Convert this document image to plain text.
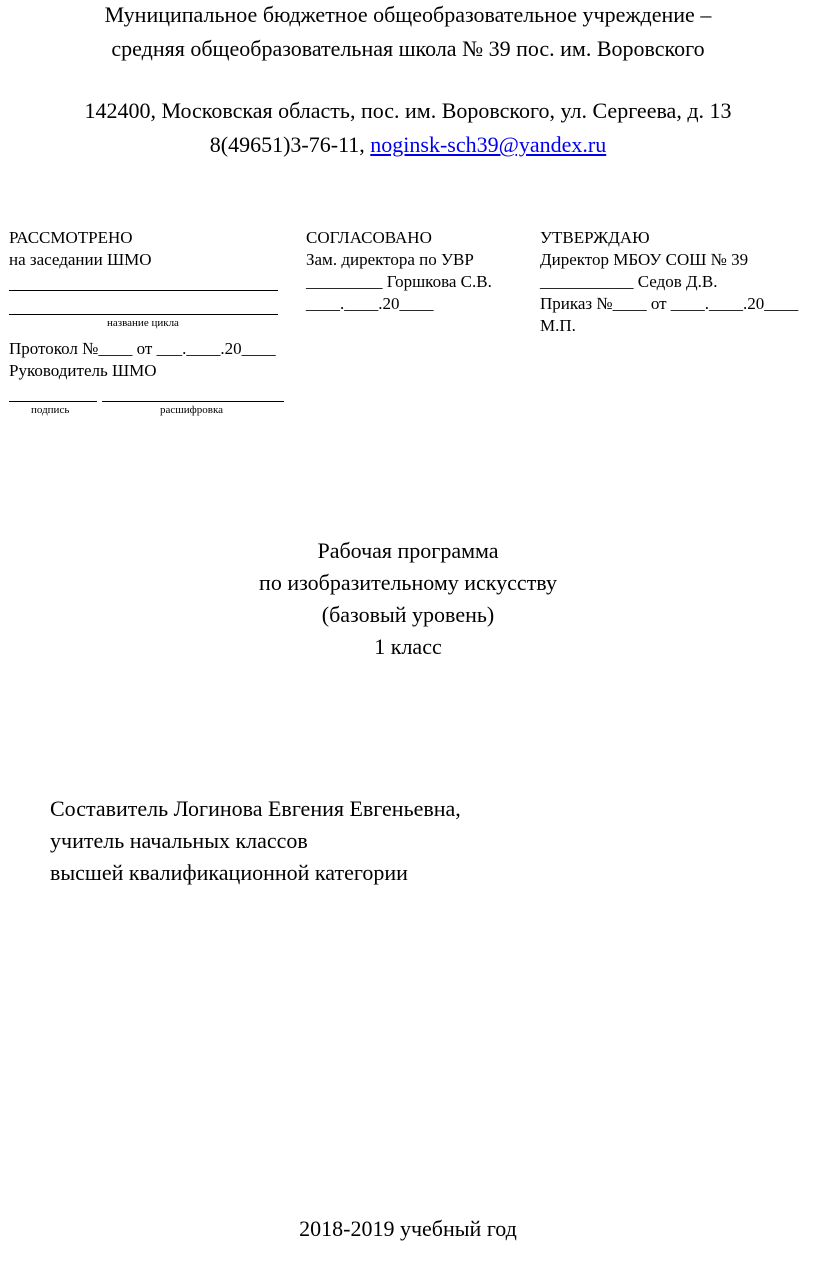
Муниципальное бюджетное общеобразовательное учреждение –
средняя общеобразовательная школа № 39 пос. им. Воровского
142400, Московская область, пос. им. Воровского, ул. Сергеева, д. 13
8(49651)3-76-11, noginsk-sch39@yandex.ru
РАССМОТРЕНО
на заседании ШМО
название цикла
Протокол №____ от ___.____.20____
Руководитель ШМО
подпись	расшифровка
СОГЛАСОВАНО
Зам. директора по УВР
_________ Горшкова С.В.
____.____.20____
УТВЕРЖДАЮ
Директор МБОУ СОШ № 39
___________ Седов Д.В.
Приказ №____ от ____.____.20____
М.П.
Рабочая программа
по изобразительному искусству
(базовый уровень)
1 класс
Составитель Логинова Евгения Евгеньевна,
учитель начальных классов
высшей квалификационной категории
2018-2019 учебный год
